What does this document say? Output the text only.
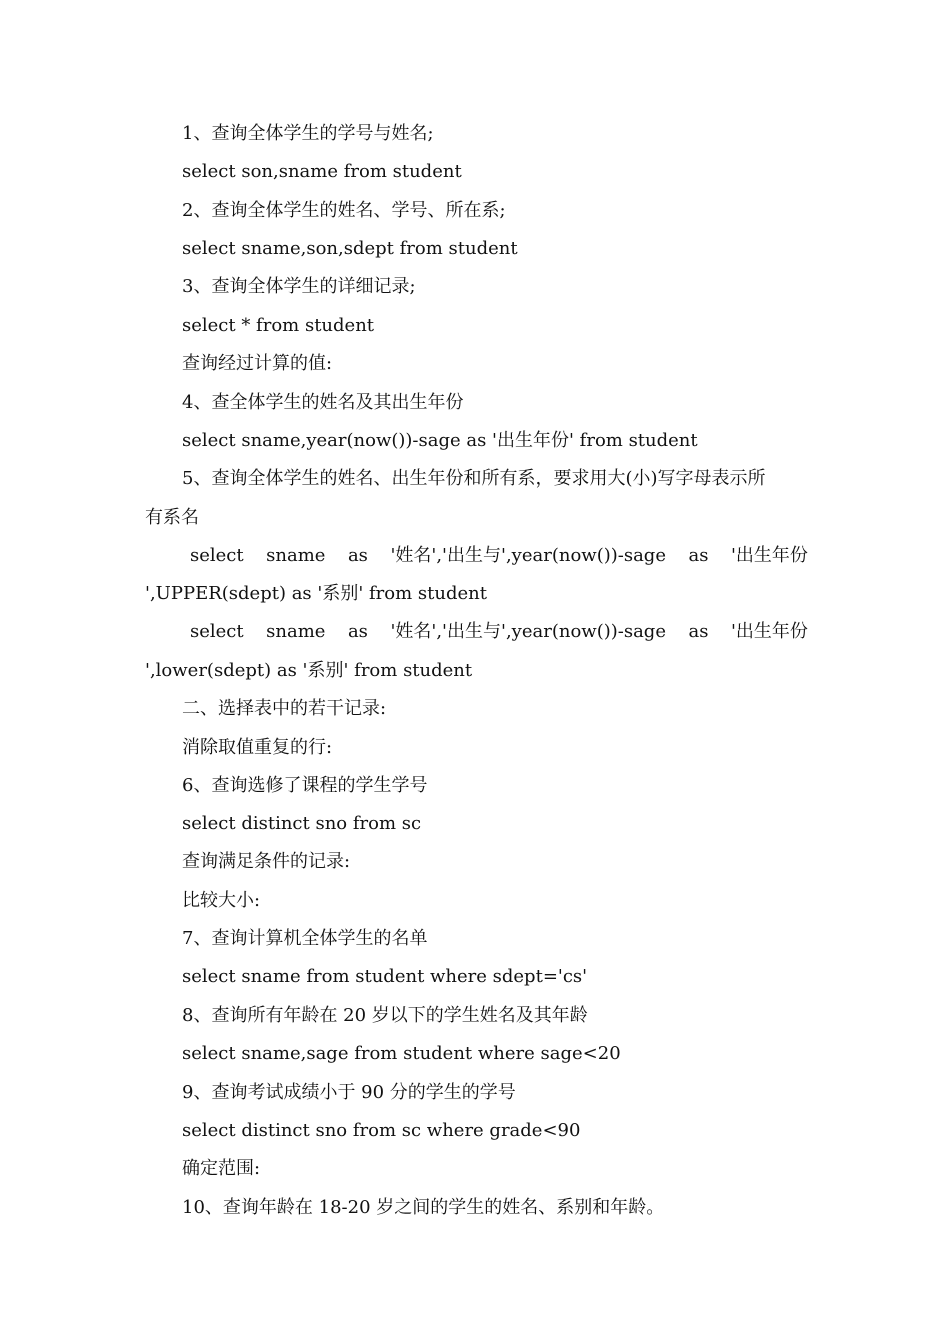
1、查询全体学生的学号与姓名;
select son,sname from student
2、查询全体学生的姓名、学号、所在系;
select sname,son,sdept from student
3、查询全体学生的详细记录;
select * from student
查询经过计算的值:
4、查全体学生的姓名及其出生年份
select sname,year(now())-sage as '出生年份' from student
5、查询全体学生的姓名、出生年份和所有系，要求用大(小)写字母表示所
有系名
select sname as '姓名','出生与',year(now())-sage as '出生年份
',UPPER(sdept) as '系别' from student
select sname as '姓名','出生与',year(now())-sage as '出生年份
',lower(sdept) as '系别' from student
二、选择表中的若干记录:
消除取值重复的行:
6、查询选修了课程的学生学号
select distinct sno from sc
查询满足条件的记录:
比较大小:
7、查询计算机全体学生的名单
select sname from student where sdept='cs'
8、查询所有年龄在 20 岁以下的学生姓名及其年龄
select sname,sage from student where sage<20
9、查询考试成绩小于 90 分的学生的学号
select distinct sno from sc where grade<90
确定范围:
10、查询年龄在 18-20 岁之间的学生的姓名、系别和年龄。
